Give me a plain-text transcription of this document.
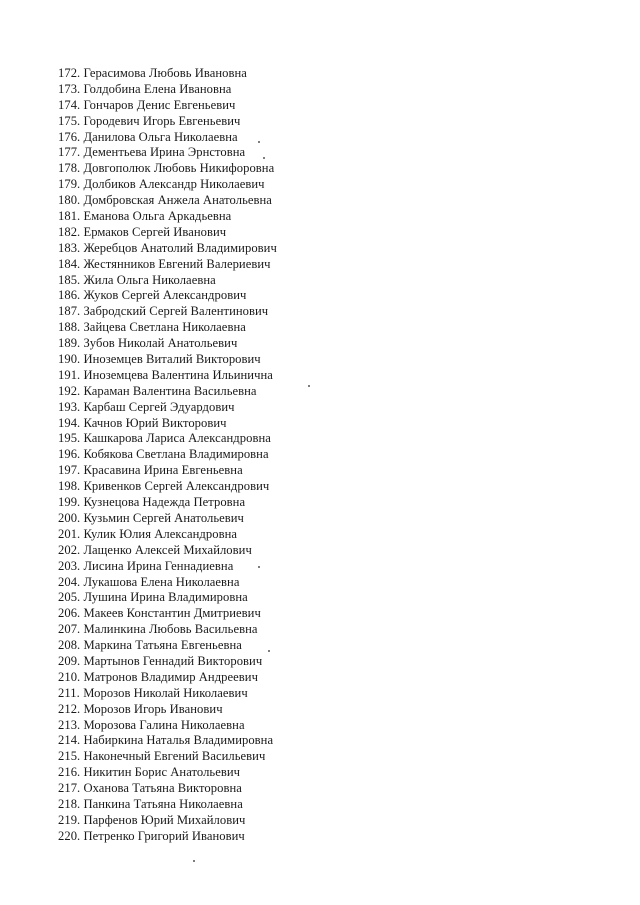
172. Герасимова Любовь Ивановна
173. Голдобина Елена Ивановна
174. Гончаров Денис Евгеньевич
175. Городевич Игорь Евгеньевич
176. Данилова Ольга Николаевна
177. Дементьева Ирина Эрнстовна
178. Довгополюк Любовь Никифоровна
179. Долбиков Александр Николаевич
180. Домбровская Анжела Анатольевна
181. Еманова Ольга Аркадьевна
182. Ермаков Сергей Иванович
183. Жеребцов Анатолий Владимирович
184. Жестянников Евгений Валериевич
185. Жила Ольга Николаевна
186. Жуков Сергей Александрович
187. Забродский Сергей Валентинович
188. Зайцева Светлана Николаевна
189. Зубов Николай Анатольевич
190. Иноземцев Виталий Викторович
191. Иноземцева Валентина Ильинична
192. Караман Валентина Васильевна
193. Карбаш Сергей Эдуардович
194. Качнов Юрий Викторович
195. Кашкарова Лариса Александровна
196. Кобякова Светлана Владимировна
197. Красавина Ирина Евгеньевна
198. Кривенков Сергей Александрович
199. Кузнецова Надежда Петровна
200. Кузьмин Сергей Анатольевич
201. Кулик Юлия Александровна
202. Лащенко Алексей Михайлович
203. Лисина Ирина Геннадиевна
204. Лукашова Елена Николаевна
205. Лушина Ирина Владимировна
206. Макеев Константин Дмитриевич
207. Малинкина Любовь Васильевна
208. Маркина Татьяна Евгеньевна
209. Мартынов Геннадий Викторович
210. Матронов Владимир Андреевич
211. Морозов Николай Николаевич
212. Морозов Игорь Иванович
213. Морозова Галина Николаевна
214. Набиркина Наталья Владимировна
215. Наконечный Евгений Васильевич
216. Никитин Борис Анатольевич
217. Оханова Татьяна Викторовна
218. Панкина Татьяна Николаевна
219. Парфенов Юрий Михайлович
220. Петренко Григорий Иванович
